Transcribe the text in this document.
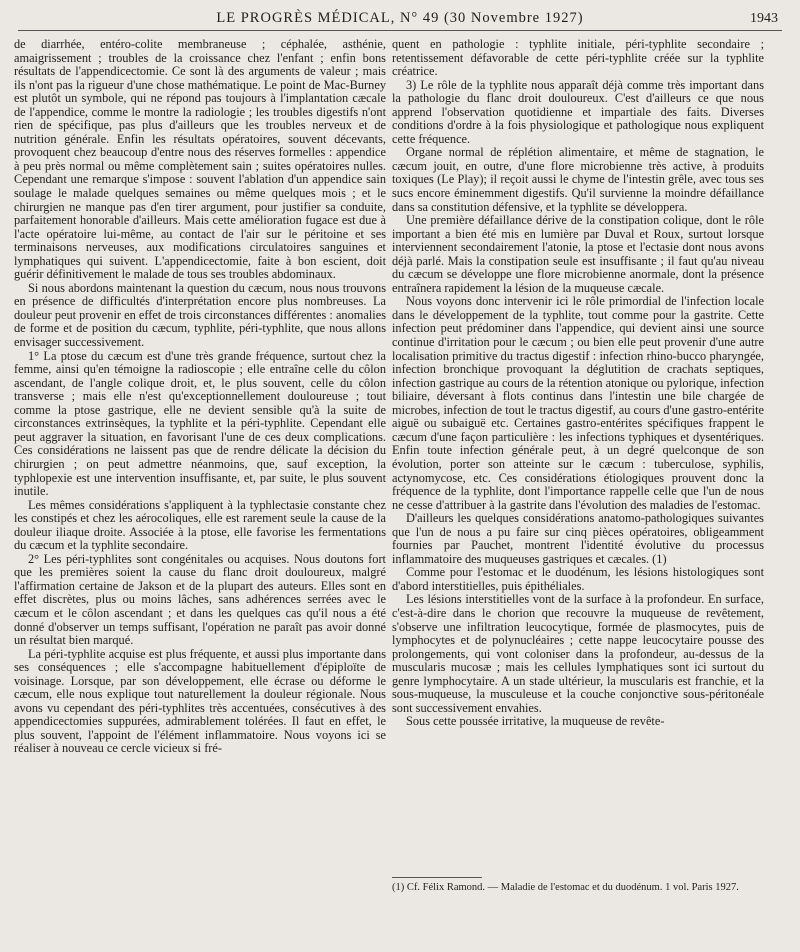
LE PROGRÈS MÉDICAL, N° 49 (30 Novembre 1927)	1943

de diarrhée, entéro-colite membraneuse ; céphalée, asthénie, amaigrissement ; troubles de la croissance chez l'enfant ; enfin bons résultats de l'appendicectomie. Ce sont là des arguments de valeur ; mais ils n'ont pas la rigueur d'une chose mathématique. Le point de Mac-Burney est plutôt un symbole, qui ne répond pas toujours à l'implantation cæcale de l'appendice, comme le montre la radiologie ; les troubles digestifs n'ont rien de spécifique, pas plus d'ailleurs que les troubles nerveux et de nutrition générale. Enfin les résultats opératoires, souvent décevants, provoquent chez beaucoup d'entre nous des réserves formelles : appendice à peu près normal ou même complètement sain ; suites opératoires nulles. Cependant une remarque s'impose : souvent l'ablation d'un appendice sain soulage le malade quelques semaines ou même quelques mois ; et le chirurgien ne manque pas d'en tirer argument, pour justifier sa conduite, parfaitement honorable d'ailleurs. Mais cette amélioration fugace est due à l'acte opératoire lui-même, au contact de l'air sur le péritoine et ses terminaisons nerveuses, aux modifications circulatoires sanguines et lymphatiques qui suivent. L'appendicectomie, faite à bon escient, doit guérir définitivement le malade de tous ses troubles abdominaux.

Si nous abordons maintenant la question du cæcum, nous nous trouvons en présence de difficultés d'interprétation encore plus nombreuses. La douleur peut provenir en effet de trois circonstances différentes : anomalies de forme et de position du cæcum, typhlite, péri-typhlite, que nous allons envisager successivement.

1° La ptose du cæcum est d'une très grande fréquence, surtout chez la femme, ainsi qu'en témoigne la radioscopie ; elle entraîne celle du côlon ascendant, de l'angle colique droit, et, le plus souvent, celle du côlon transverse ; mais elle n'est qu'exceptionnellement douloureuse ; tout comme la ptose gastrique, elle ne devient sensible qu'à la suite de circonstances extrinsèques, la typhlite et la péri-typhlite. Cependant elle peut aggraver la situation, en favorisant l'une de ces deux complications. Ces considérations ne laissent pas que de rendre délicate la décision du chirurgien ; on peut admettre néanmoins, que, sauf exception, la typhlopexie est une intervention insuffisante, et, par suite, le plus souvent inutile.

Les mêmes considérations s'appliquent à la typhlectasie constante chez les constipés et chez les aérocoliques, elle est rarement seule la cause de la douleur iliaque droite. Associée à la ptose, elle favorise les fermentations du cæcum et la typhlite secondaire.

2° Les péri-typhlites sont congénitales ou acquises. Nous doutons fort que les premières soient la cause du flanc droit douloureux, malgré l'affirmation certaine de Jakson et de la plupart des auteurs. Elles sont en effet discrètes, plus ou moins lâches, sans adhérences serrées avec le cæcum et le côlon ascendant ; et dans les quelques cas qu'il nous a été donné d'observer un temps suffisant, l'opération ne paraît pas avoir donné un résultat bien marqué.

La péri-typhlite acquise est plus fréquente, et aussi plus importante dans ses conséquences ; elle s'accompagne habituellement d'épiploïte de voisinage. Lorsque, par son développement, elle écrase ou déforme le cæcum, elle nous explique tout naturellement la douleur régionale. Nous avons vu cependant des péri-typhlites très accentuées, consécutives à des appendicectomies suppurées, admirablement tolérées. Il faut en effet, le plus souvent, l'appoint de l'élément inflammatoire. Nous voyons ici se réaliser à nouveau ce cercle vicieux si fré-

quent en pathologie : typhlite initiale, péri-typhlite secondaire ; retentissement défavorable de cette péri-typhlite créée sur la typhlite créatrice.

3) Le rôle de la typhlite nous apparaît déjà comme très important dans la pathologie du flanc droit douloureux. C'est d'ailleurs ce que nous apprend l'observation quotidienne et impartiale des faits. Diverses conditions d'ordre à la fois physiologique et pathologique nous expliquent cette fréquence.

Organe normal de réplétion alimentaire, et même de stagnation, le cæcum jouit, en outre, d'une flore microbienne très active, à produits toxiques (Le Play); il reçoit aussi le chyme de l'intestin grêle, avec tous ses sucs encore éminemment digestifs. Qu'il survienne la moindre défaillance dans sa constitution défensive, et la typhlite se développera.

Une première défaillance dérive de la constipation colique, dont le rôle important a bien été mis en lumière par Duval et Roux, surtout lorsque interviennent secondairement l'atonie, la ptose et l'ectasie dont nous avons déjà parlé. Mais la constipation seule est insuffisante ; il faut qu'au niveau du cæcum se développe une flore microbienne anormale, dont la présence entraînera rapidement la lésion de la muqueuse cæcale.

Nous voyons donc intervenir ici le rôle primordial de l'infection locale dans le développement de la typhlite, tout comme pour la gastrite. Cette infection peut prédominer dans l'appendice, qui devient ainsi une source continue d'irritation pour le cæcum ; ou bien elle peut provenir d'une autre localisation primitive du tractus digestif : infection rhino-bucco pharyngée, infection bronchique provoquant la déglutition de crachats septiques, infection gastrique au cours de la rétention atonique ou pylorique, infection biliaire, déversant à flots continus dans l'intestin une bile chargée de microbes, infection de tout le tractus digestif, au cours d'une gastro-entérite aiguë ou subaiguë etc. Certaines gastro-entérites spécifiques frappent le cæcum d'une façon particulière : les infections typhiques et dysentériques. Enfin toute infection générale peut, à un degré quelconque de son évolution, porter son atteinte sur le cæcum : tuberculose, syphilis, actynomycose, etc. Ces considérations étiologiques prouvent donc la fréquence de la typhlite, dont l'importance rappelle celle que l'un de nous ne cesse d'attribuer à la gastrite dans l'évolution des maladies de l'estomac.

D'ailleurs les quelques considérations anatomo-pathologiques suivantes que l'un de nous a pu faire sur cinq pièces opératoires, obligeamment fournies par Pauchet, montrent l'identité évolutive du processus inflammatoire des muqueuses gastriques et cæcales. (1)

Comme pour l'estomac et le duodénum, les lésions histologiques sont d'abord interstitielles, puis épithéliales.

Les lésions interstitielles vont de la surface à la profondeur. En surface, c'est-à-dire dans le chorion que recouvre la muqueuse de revêtement, s'observe une infiltration leucocytique, formée de plasmocytes, puis de lymphocytes et de polynucléaires ; cette nappe leucocytaire pousse des prolongements, qui vont coloniser dans la profondeur, au-dessus de la muscularis mucosæ ; mais les cellules lymphatiques sont ici surtout du genre lymphocytaire. A un stade ultérieur, la muscularis est franchie, et la sous-muqueuse, la musculeuse et la couche conjonctive sous-péritonéale sont successivement envahies.

Sous cette poussée irritative, la muqueuse de revête-

(1) Cf. Félix Ramond. — Maladie de l'estomac et du duodénum. 1 vol. Paris 1927.
